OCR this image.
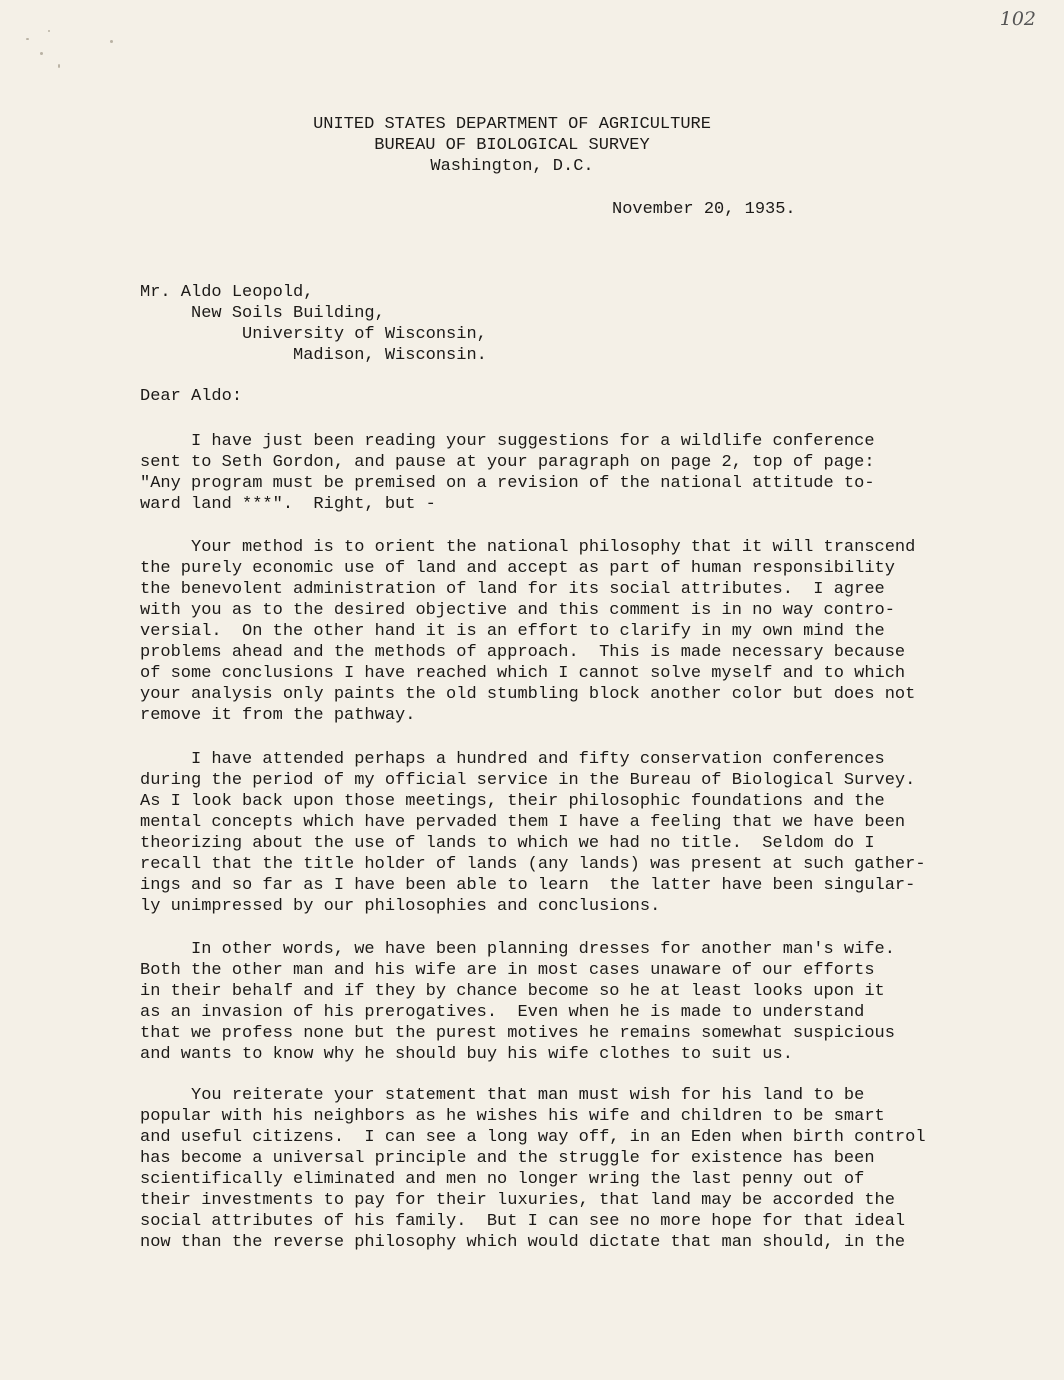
102
UNITED STATES DEPARTMENT OF AGRICULTURE
BUREAU OF BIOLOGICAL SURVEY
Washington, D.C.
November 20, 1935.
Mr. Aldo Leopold,
New Soils Building,
University of Wisconsin,
Madison, Wisconsin.
Dear Aldo:
I have just been reading your suggestions for a wildlife conference
sent to Seth Gordon, and pause at your paragraph on page 2, top of page:
"Any program must be premised on a revision of the national attitude to-
ward land ***".  Right, but -
Your method is to orient the national philosophy that it will transcend
the purely economic use of land and accept as part of human responsibility
the benevolent administration of land for its social attributes.  I agree
with you as to the desired objective and this comment is in no way contro-
versial.  On the other hand it is an effort to clarify in my own mind the
problems ahead and the methods of approach.  This is made necessary because
of some conclusions I have reached which I cannot solve myself and to which
your analysis only paints the old stumbling block another color but does not
remove it from the pathway.
I have attended perhaps a hundred and fifty conservation conferences
during the period of my official service in the Bureau of Biological Survey.
As I look back upon those meetings, their philosophic foundations and the
mental concepts which have pervaded them I have a feeling that we have been
theorizing about the use of lands to which we had no title.  Seldom do I
recall that the title holder of lands (any lands) was present at such gather-
ings and so far as I have been able to learn  the latter have been singular-
ly unimpressed by our philosophies and conclusions.
In other words, we have been planning dresses for another man's wife.
Both the other man and his wife are in most cases unaware of our efforts
in their behalf and if they by chance become so he at least looks upon it
as an invasion of his prerogatives.  Even when he is made to understand
that we profess none but the purest motives he remains somewhat suspicious
and wants to know why he should buy his wife clothes to suit us.
You reiterate your statement that man must wish for his land to be
popular with his neighbors as he wishes his wife and children to be smart
and useful citizens.  I can see a long way off, in an Eden when birth control
has become a universal principle and the struggle for existence has been
scientifically eliminated and men no longer wring the last penny out of
their investments to pay for their luxuries, that land may be accorded the
social attributes of his family.  But I can see no more hope for that ideal
now than the reverse philosophy which would dictate that man should, in the
